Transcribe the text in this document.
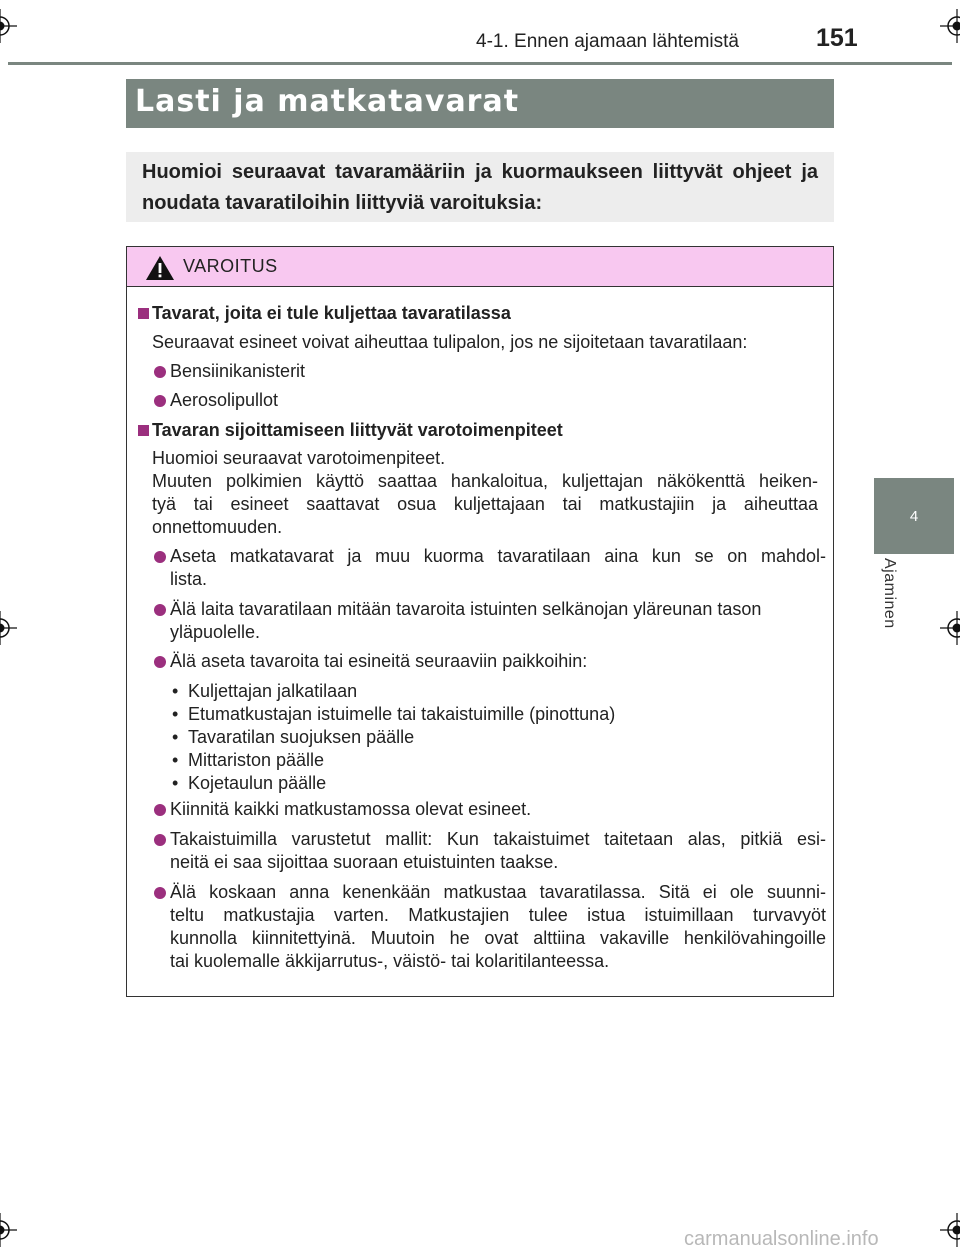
4-1. Ennen ajamaan lähtemistä	151
4
Ajaminen
Lasti ja matkatavarat

Huomioi seuraavat tavaramääriin ja kuormaukseen liittyvät ohjeet ja noudata tavaratiloihin liittyviä varoituksia:

VAROITUS
Tavarat, joita ei tule kuljettaa tavaratilassa
Seuraavat esineet voivat aiheuttaa tulipalon, jos ne sijoitetaan tavaratilaan:
Bensiinikanisterit
Aerosolipullot
Tavaran sijoittamiseen liittyvät varotoimenpiteet
Huomioi seuraavat varotoimenpiteet.
Muuten polkimien käyttö saattaa hankaloitua, kuljettajan näkökenttä heiken-
tyä tai esineet saattavat osua kuljettajaan tai matkustajiin ja aiheuttaa
onnettomuuden.
Aseta matkatavarat ja muu kuorma tavaratilaan aina kun se on mahdol-
lista.
Älä laita tavaratilaan mitään tavaroita istuinten selkänojan yläreunan tason
yläpuolelle.
Älä aseta tavaroita tai esineitä seuraaviin paikkoihin:
• Kuljettajan jalkatilaan
• Etumatkustajan istuimelle tai takaistuimille (pinottuna)
• Tavaratilan suojuksen päälle
• Mittariston päälle
• Kojetaulun päälle
Kiinnitä kaikki matkustamossa olevat esineet.
Takaistuimilla varustetut mallit: Kun takaistuimet taitetaan alas, pitkiä esi-
neitä ei saa sijoittaa suoraan etuistuinten taakse.
Älä koskaan anna kenenkään matkustaa tavaratilassa. Sitä ei ole suunni-
teltu matkustajia varten. Matkustajien tulee istua istuimillaan turvavyöt
kunnolla kiinnitettyinä. Muutoin he ovat alttiina vakaville henkilövahingoille
tai kuolemalle äkkijarrutus-, väistö- tai kolaritilanteessa.
carmanualsonline.info
